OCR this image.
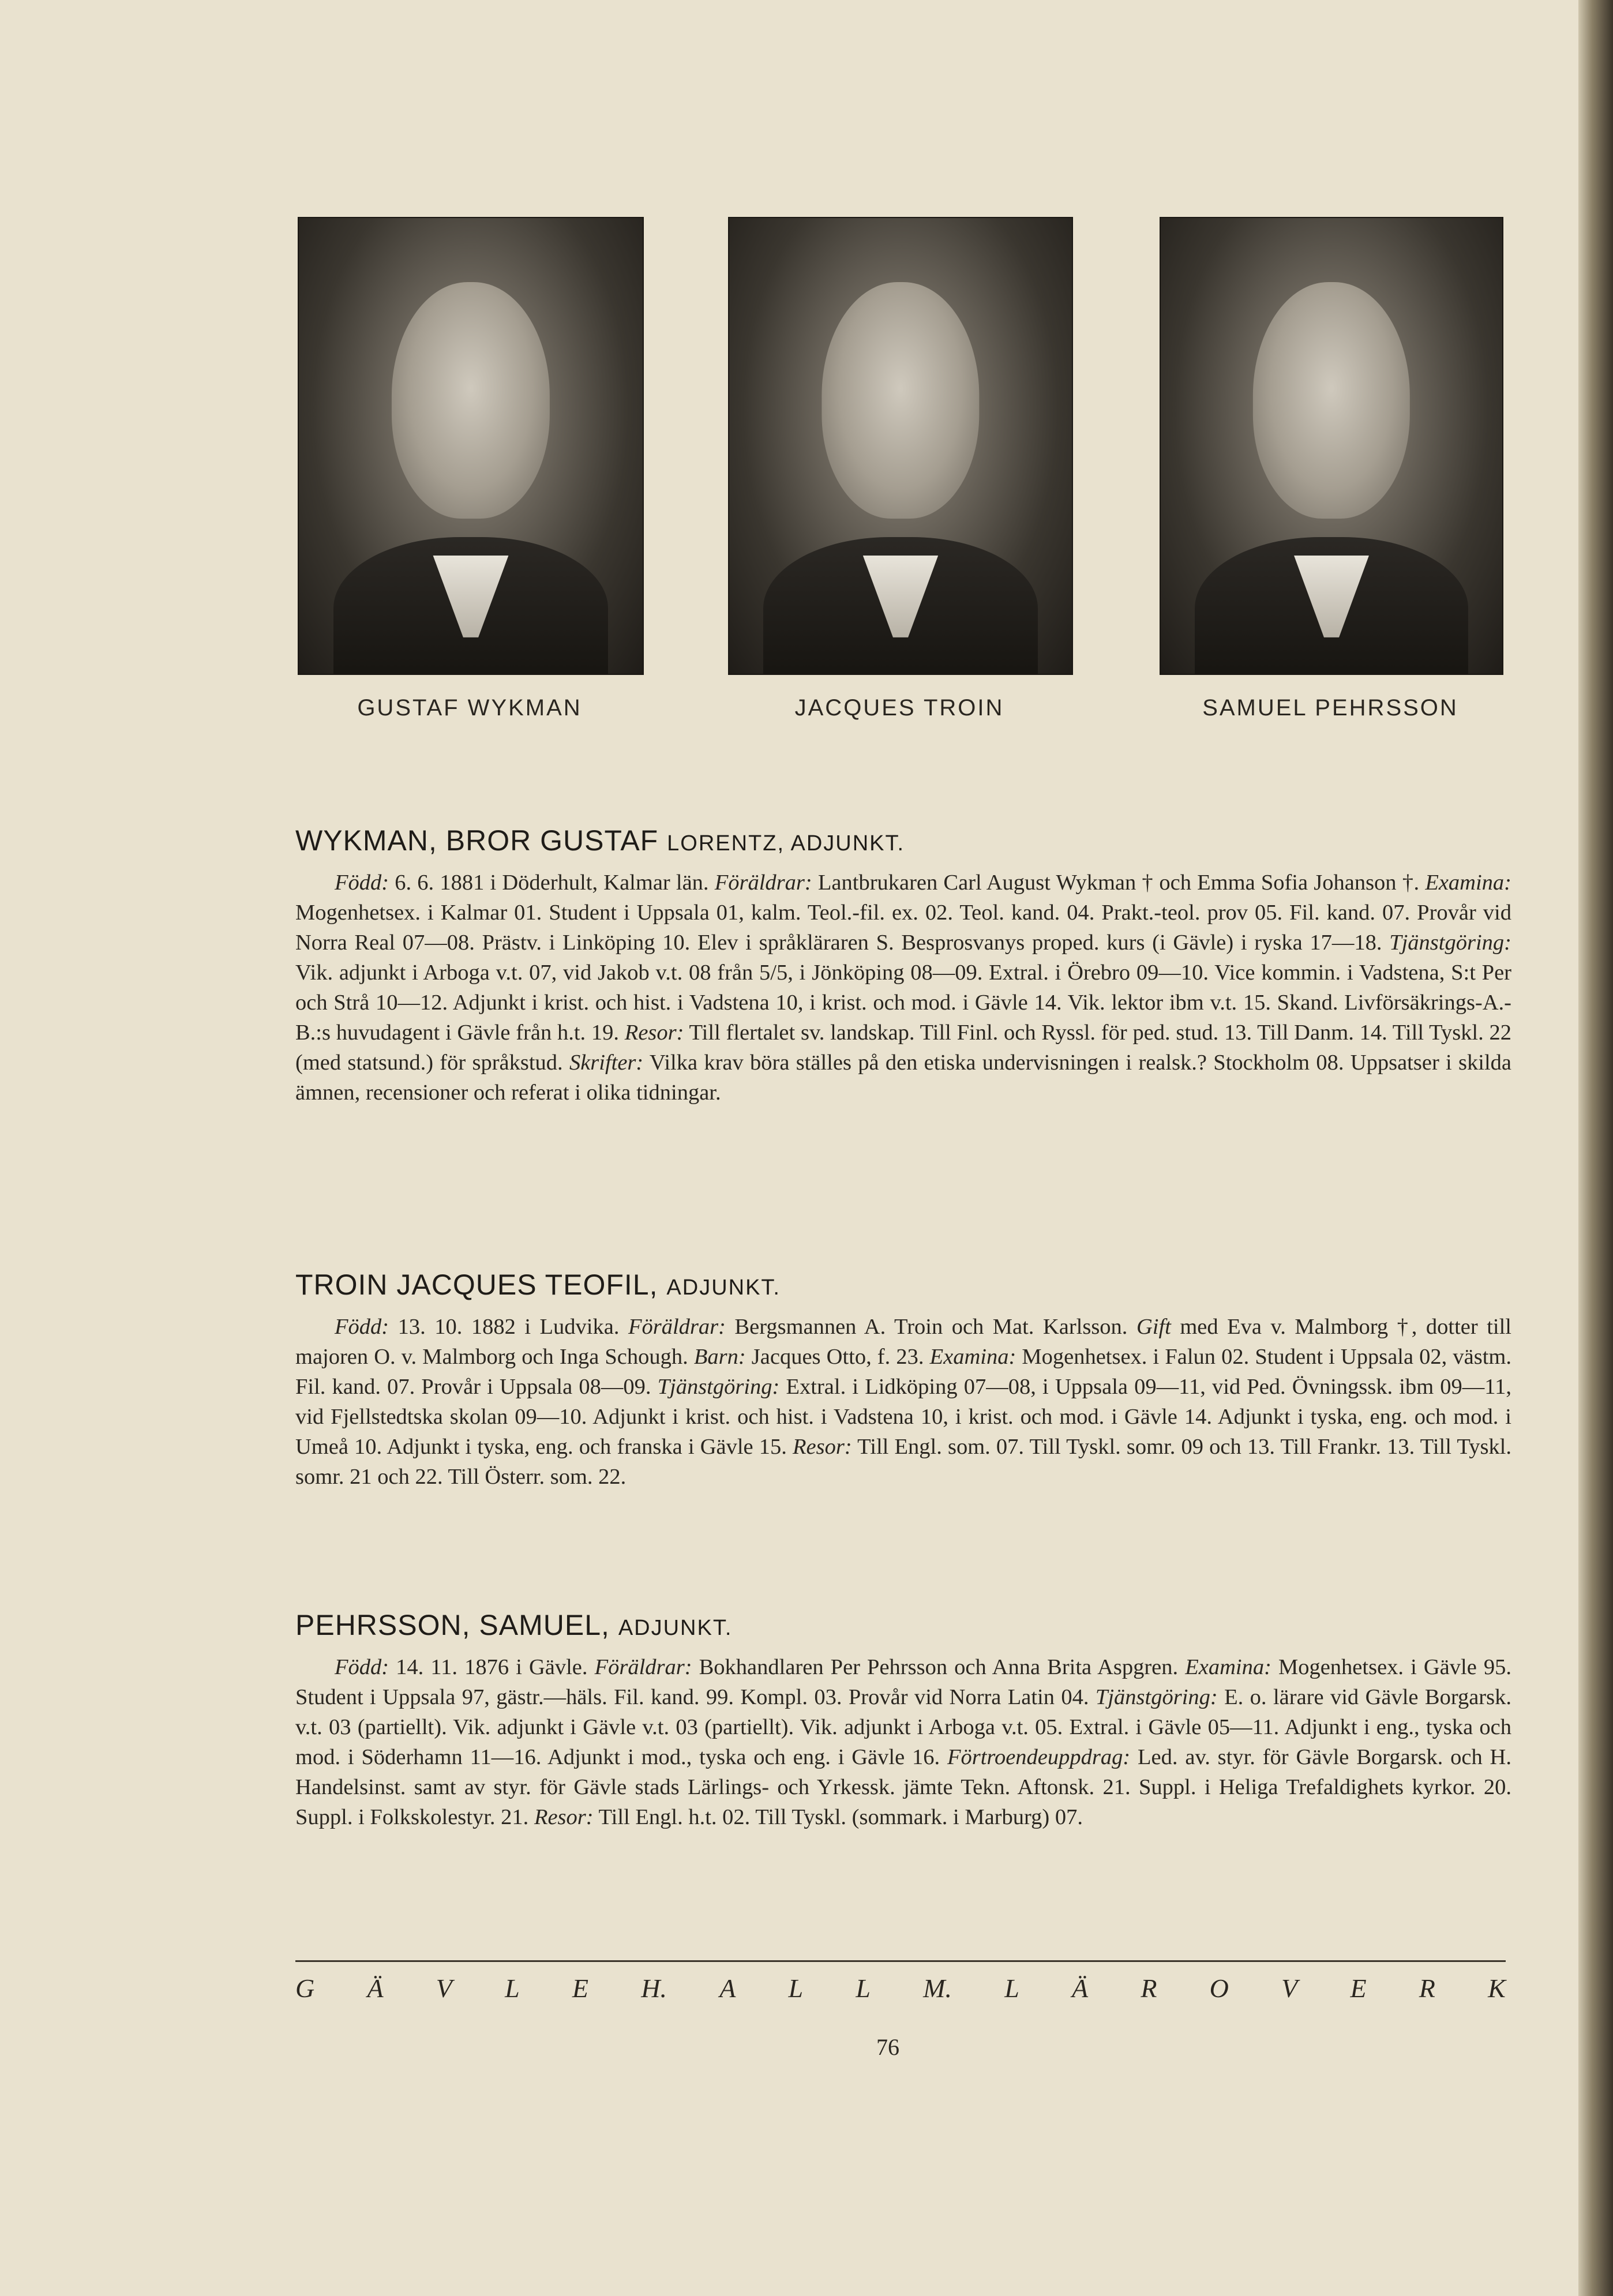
GUSTAF WYKMAN	JACQUES TROIN	SAMUEL PEHRSSON
WYKMAN, BROR GUSTAF LORENTZ, ADJUNKT.

Född: 6. 6. 1881 i Döderhult, Kalmar län. Föräldrar: Lantbrukaren Carl August Wykman † och Emma Sofia Johanson †. Examina: Mogenhetsex. i Kalmar 01. Student i Uppsala 01, kalm. Teol.-fil. ex. 02. Teol. kand. 04. Prakt.-teol. prov 05. Fil. kand. 07. Provår vid Norra Real 07—08. Prästv. i Linköping 10. Elev i språkläraren S. Besprosvanys proped. kurs (i Gävle) i ryska 17—18. Tjänstgöring: Vik. adjunkt i Arboga v.t. 07, vid Jakob v.t. 08 från 5/5, i Jönköping 08—09. Extral. i Örebro 09—10. Vice kommin. i Vadstena, S:t Per och Strå 10—12. Adjunkt i krist. och hist. i Vadstena 10, i krist. och mod. i Gävle 14. Vik. lektor ibm v.t. 15. Skand. Livförsäkrings-A.-B.:s huvudagent i Gävle från h.t. 19. Resor: Till flertalet sv. landskap. Till Finl. och Ryssl. för ped. stud. 13. Till Danm. 14. Till Tyskl. 22 (med statsund.) för språkstud. Skrifter: Vilka krav böra ställes på den etiska undervisningen i realsk.? Stockholm 08. Uppsatser i skilda ämnen, recensioner och referat i olika tidningar.

TROIN JACQUES TEOFIL, ADJUNKT.

Född: 13. 10. 1882 i Ludvika. Föräldrar: Bergsmannen A. Troin och Mat. Karlsson. Gift med Eva v. Malmborg †, dotter till majoren O. v. Malmborg och Inga Schough. Barn: Jacques Otto, f. 23. Examina: Mogenhetsex. i Falun 02. Student i Uppsala 02, västm. Fil. kand. 07. Provår i Uppsala 08—09. Tjänstgöring: Extral. i Lidköping 07—08, i Uppsala 09—11, vid Ped. Övningssk. ibm 09—11, vid Fjellstedtska skolan 09—10. Adjunkt i krist. och hist. i Vadstena 10, i krist. och mod. i Gävle 14. Adjunkt i tyska, eng. och mod. i Umeå 10. Adjunkt i tyska, eng. och franska i Gävle 15. Resor: Till Engl. som. 07. Till Tyskl. somr. 09 och 13. Till Frankr. 13. Till Tyskl. somr. 21 och 22. Till Österr. som. 22.

PEHRSSON, SAMUEL, ADJUNKT.

Född: 14. 11. 1876 i Gävle. Föräldrar: Bokhandlaren Per Pehrsson och Anna Brita Aspgren. Examina: Mogenhetsex. i Gävle 95. Student i Uppsala 97, gästr.—häls. Fil. kand. 99. Kompl. 03. Provår vid Norra Latin 04. Tjänstgöring: E. o. lärare vid Gävle Borgarsk. v.t. 03 (partiellt). Vik. adjunkt i Gävle v.t. 03 (partiellt). Vik. adjunkt i Arboga v.t. 05. Extral. i Gävle 05—11. Adjunkt i eng., tyska och mod. i Söderhamn 11—16. Adjunkt i mod., tyska och eng. i Gävle 16. Förtroendeuppdrag: Led. av. styr. för Gävle Borgarsk. och H. Handelsinst. samt av styr. för Gävle stads Lärlings- och Yrkessk. jämte Tekn. Aftonsk. 21. Suppl. i Heliga Trefaldighets kyrkor. 20. Suppl. i Folkskolestyr. 21. Resor: Till Engl. h.t. 02. Till Tyskl. (sommark. i Marburg) 07.

G Ä V L E H. A L L M. L Ä R O V E R K
76
